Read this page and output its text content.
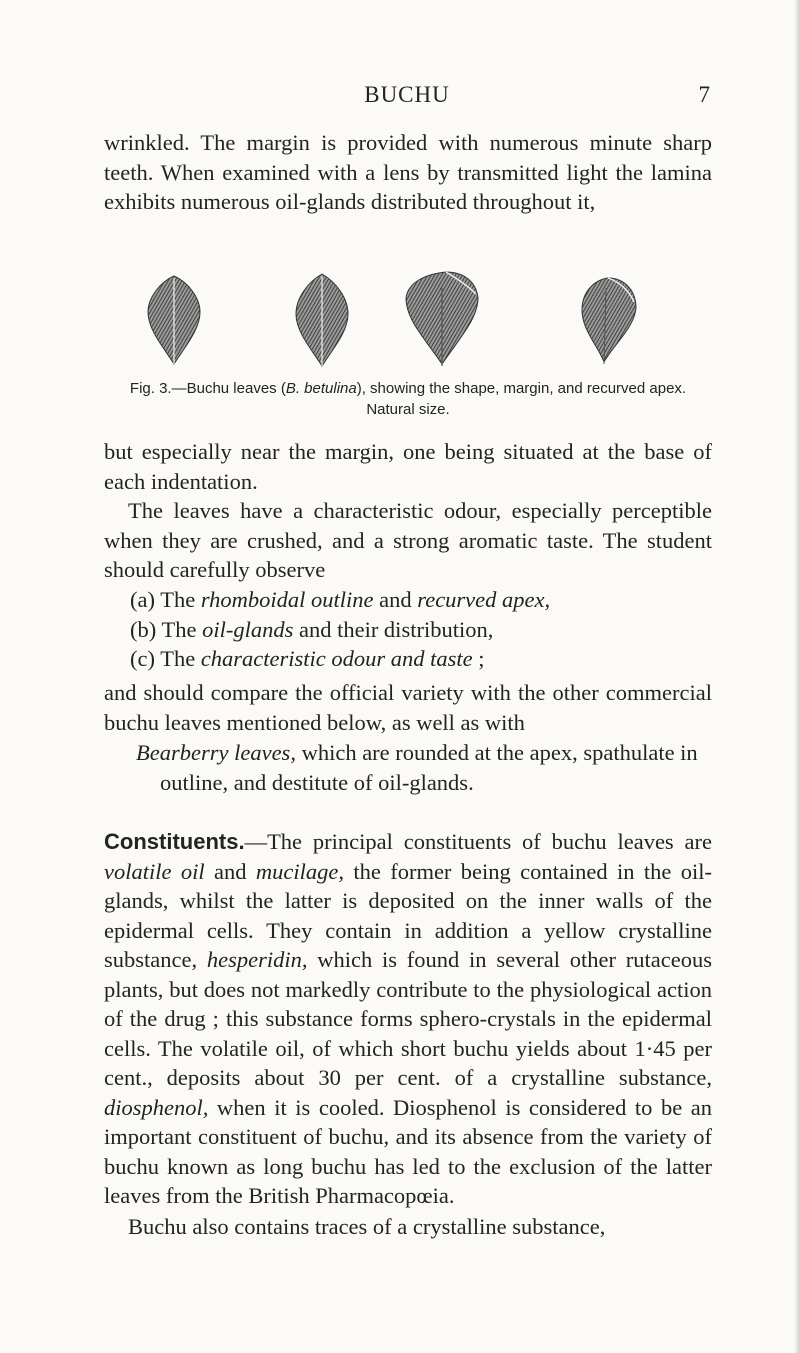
BUCHU	7

wrinkled. The margin is provided with numerous minute sharp teeth. When examined with a lens by transmitted light the lamina exhibits numerous oil-glands distributed throughout it,

Fig. 3.—Buchu leaves (B. betulina), showing the shape, margin, and recurved apex. Natural size.

but especially near the margin, one being situated at the base of each indentation.

The leaves have a characteristic odour, especially perceptible when they are crushed, and a strong aromatic taste. The student should carefully observe

(a) The rhomboidal outline and recurved apex,
(b) The oil-glands and their distribution,
(c) The characteristic odour and taste ;

and should compare the official variety with the other commercial buchu leaves mentioned below, as well as with

Bearberry leaves, which are rounded at the apex, spathulate in outline, and destitute of oil-glands.

Constituents.—The principal constituents of buchu leaves are volatile oil and mucilage, the former being contained in the oil-glands, whilst the latter is deposited on the inner walls of the epidermal cells. They contain in addition a yellow crystalline substance, hesperidin, which is found in several other rutaceous plants, but does not markedly contribute to the physiological action of the drug ; this substance forms sphero-crystals in the epidermal cells. The volatile oil, of which short buchu yields about 1·45 per cent., deposits about 30 per cent. of a crystalline substance, diosphenol, when it is cooled. Diosphenol is considered to be an important constituent of buchu, and its absence from the variety of buchu known as long buchu has led to the exclusion of the latter leaves from the British Pharmacopœia.

Buchu also contains traces of a crystalline substance,
